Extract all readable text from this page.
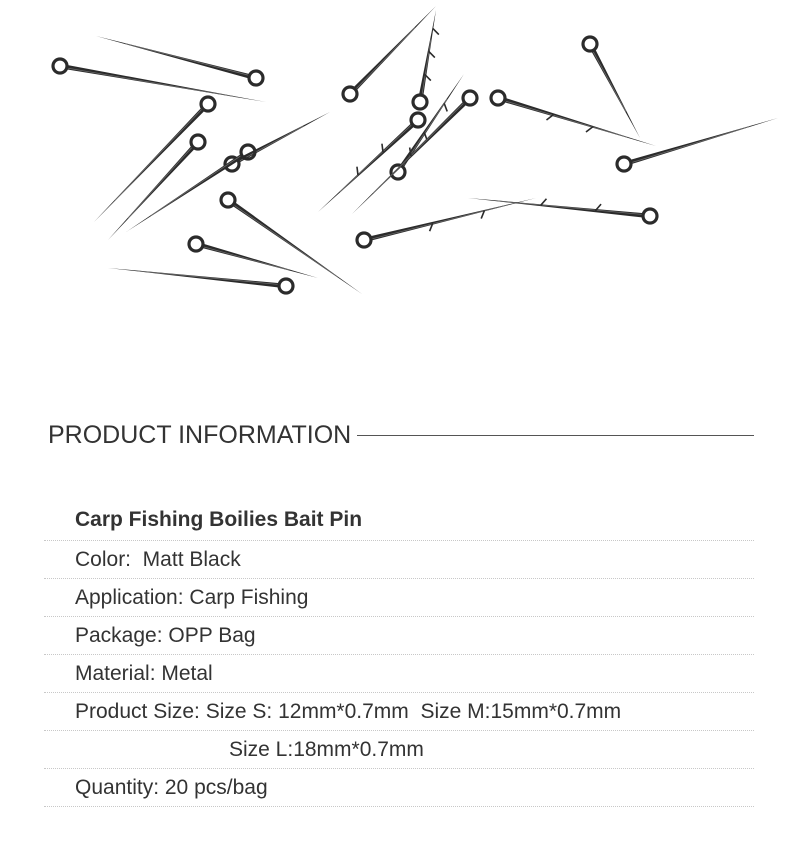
PRODUCT INFORMATION
Carp Fishing Boilies Bait Pin
Color:  Matt Black
Application: Carp Fishing
Package: OPP Bag
Material: Metal
Product Size: Size S: 12mm*0.7mm  Size M:15mm*0.7mm
Size L:18mm*0.7mm
Quantity: 20 pcs/bag
